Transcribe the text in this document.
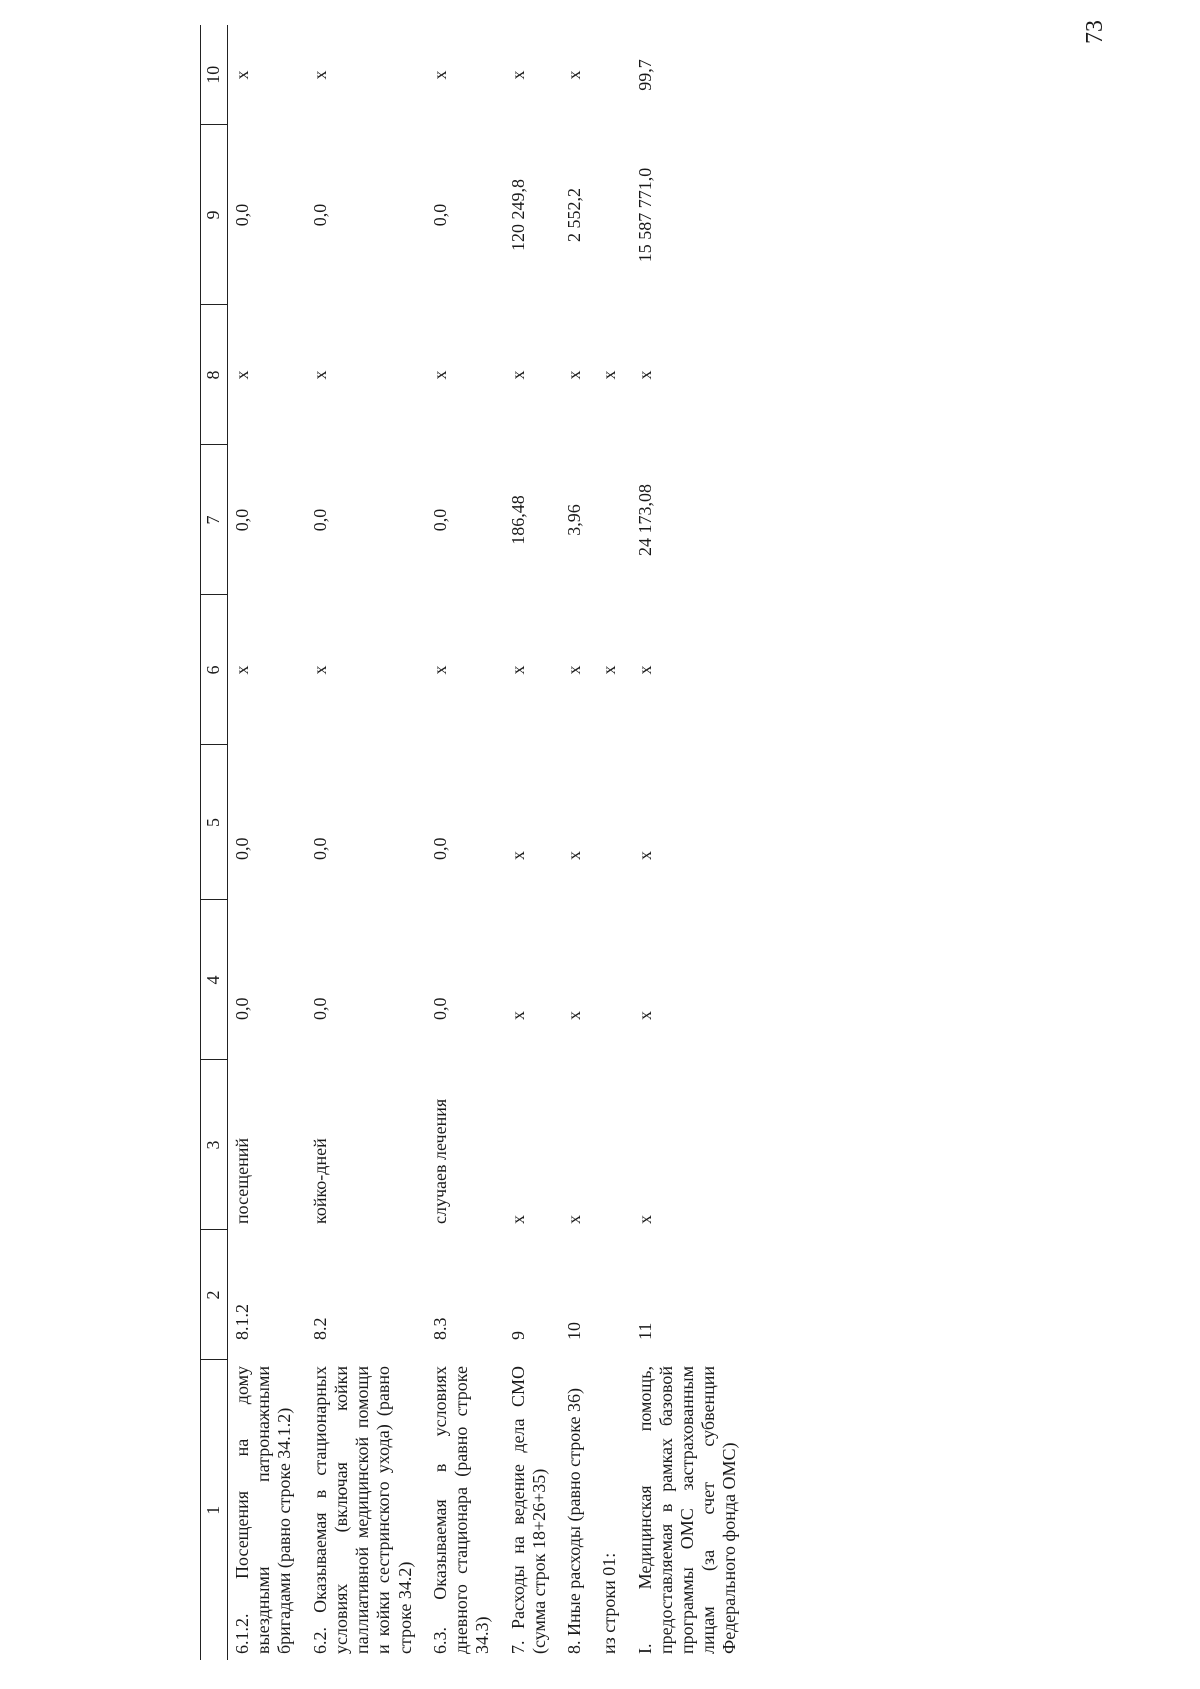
73
1	2	3	4	5	6	7	8	9	10
6.1.2. Посещения на дому выездными патронажными бригадами (равно строке 34.1.2)	8.1.2	посещений	0,0	0,0	х	0,0	х	0,0	х
6.2. Оказываемая в стационарных условиях (включая койки паллиативной медицинской помощи и койки сестринского ухода) (равно строке 34.2)	8.2	койко-дней	0,0	0,0	х	0,0	х	0,0	х
6.3. Оказываемая в условиях дневного стационара (равно строке 34.3)	8.3	случаев лечения	0,0	0,0	х	0,0	х	0,0	х
7. Расходы на ведение дела СМО (сумма строк 18+26+35)	9	х	х	х	х	186,48	х	120 249,8	х
8. Иные расходы (равно строке 36)	10	х	х	х	х	3,96	х	2 552,2	х
из строки 01:					х		х		
I. Медицинская помощь, предоставляемая в рамках базовой программы ОМС застрахованным лицам (за счет субвенции Федерального фонда ОМС)	11	х	х	х	х	24 173,08	х	15 587 771,0	99,7
